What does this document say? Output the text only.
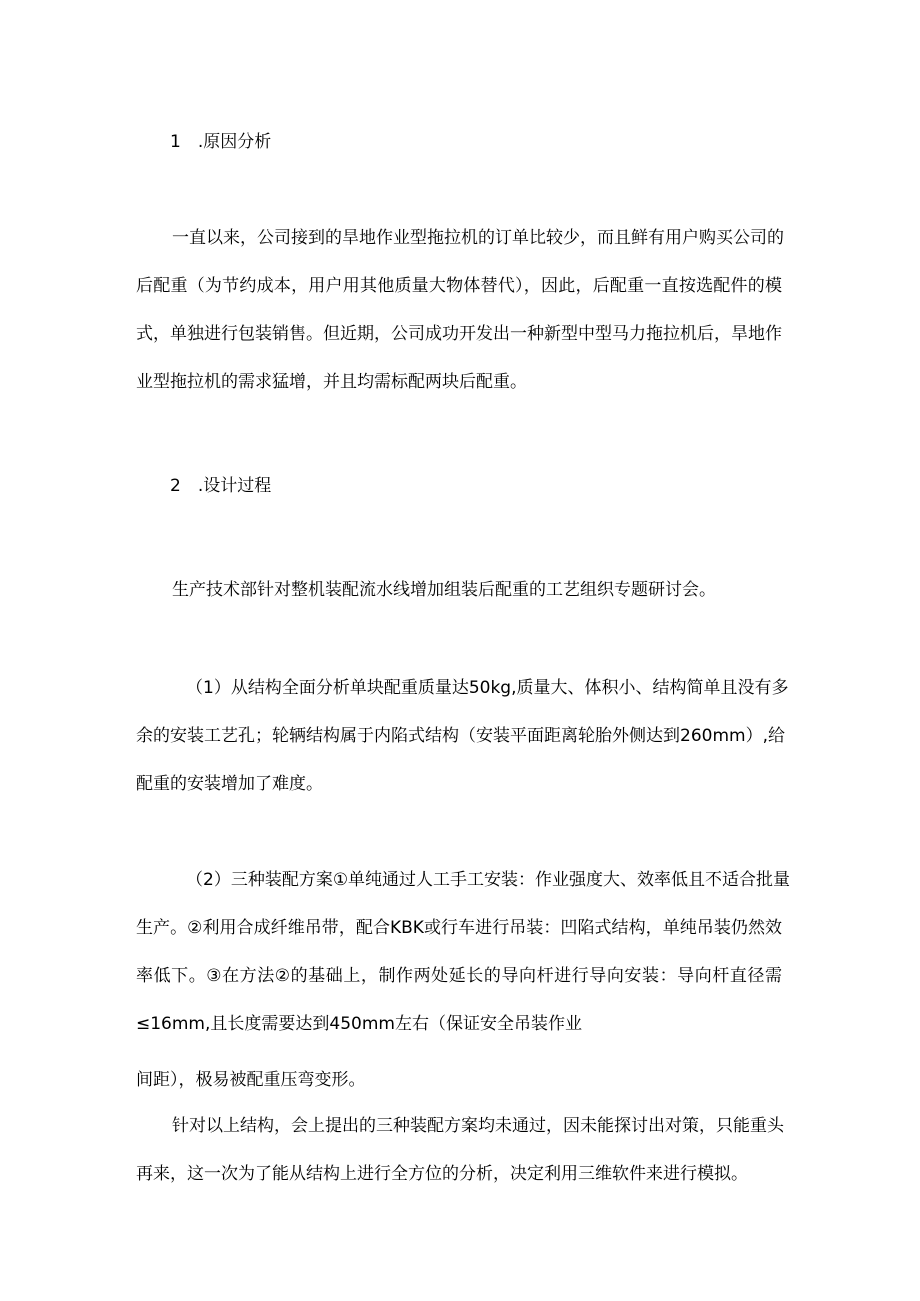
1　.原因分析
一直以来，公司接到的旱地作业型拖拉机的订单比较少，而且鲜有用户购买公司的
后配重（为节约成本，用户用其他质量大物体替代），因此，后配重一直按选配件的模
式，单独进行包装销售。但近期，公司成功开发出一种新型中型马力拖拉机后，旱地作
业型拖拉机的需求猛增，并且均需标配两块后配重。
2　.设计过程
生产技术部针对整机装配流水线增加组装后配重的工艺组织专题研讨会。
（1）从结构全面分析单块配重质量达50kg,质量大、体积小、结构简单且没有多
余的安装工艺孔；轮辆结构属于内陷式结构（安装平面距离轮胎外侧达到260mm）,给
配重的安装增加了难度。
（2）三种装配方案①单纯通过人工手工安装：作业强度大、效率低且不适合批量
生产。②利用合成纤维吊带，配合KBK或行车进行吊装：凹陷式结构，单纯吊装仍然效
率低下。③在方法②的基础上，制作两处延长的导向杆进行导向安装：导向杆直径需
≤16mm,且长度需要达到450mm左右（保证安全吊装作业
间距），极易被配重压弯变形。
针对以上结构，会上提出的三种装配方案均未通过，因未能探讨出对策，只能重头
再来，这一次为了能从结构上进行全方位的分析，决定利用三维软件来进行模拟。
